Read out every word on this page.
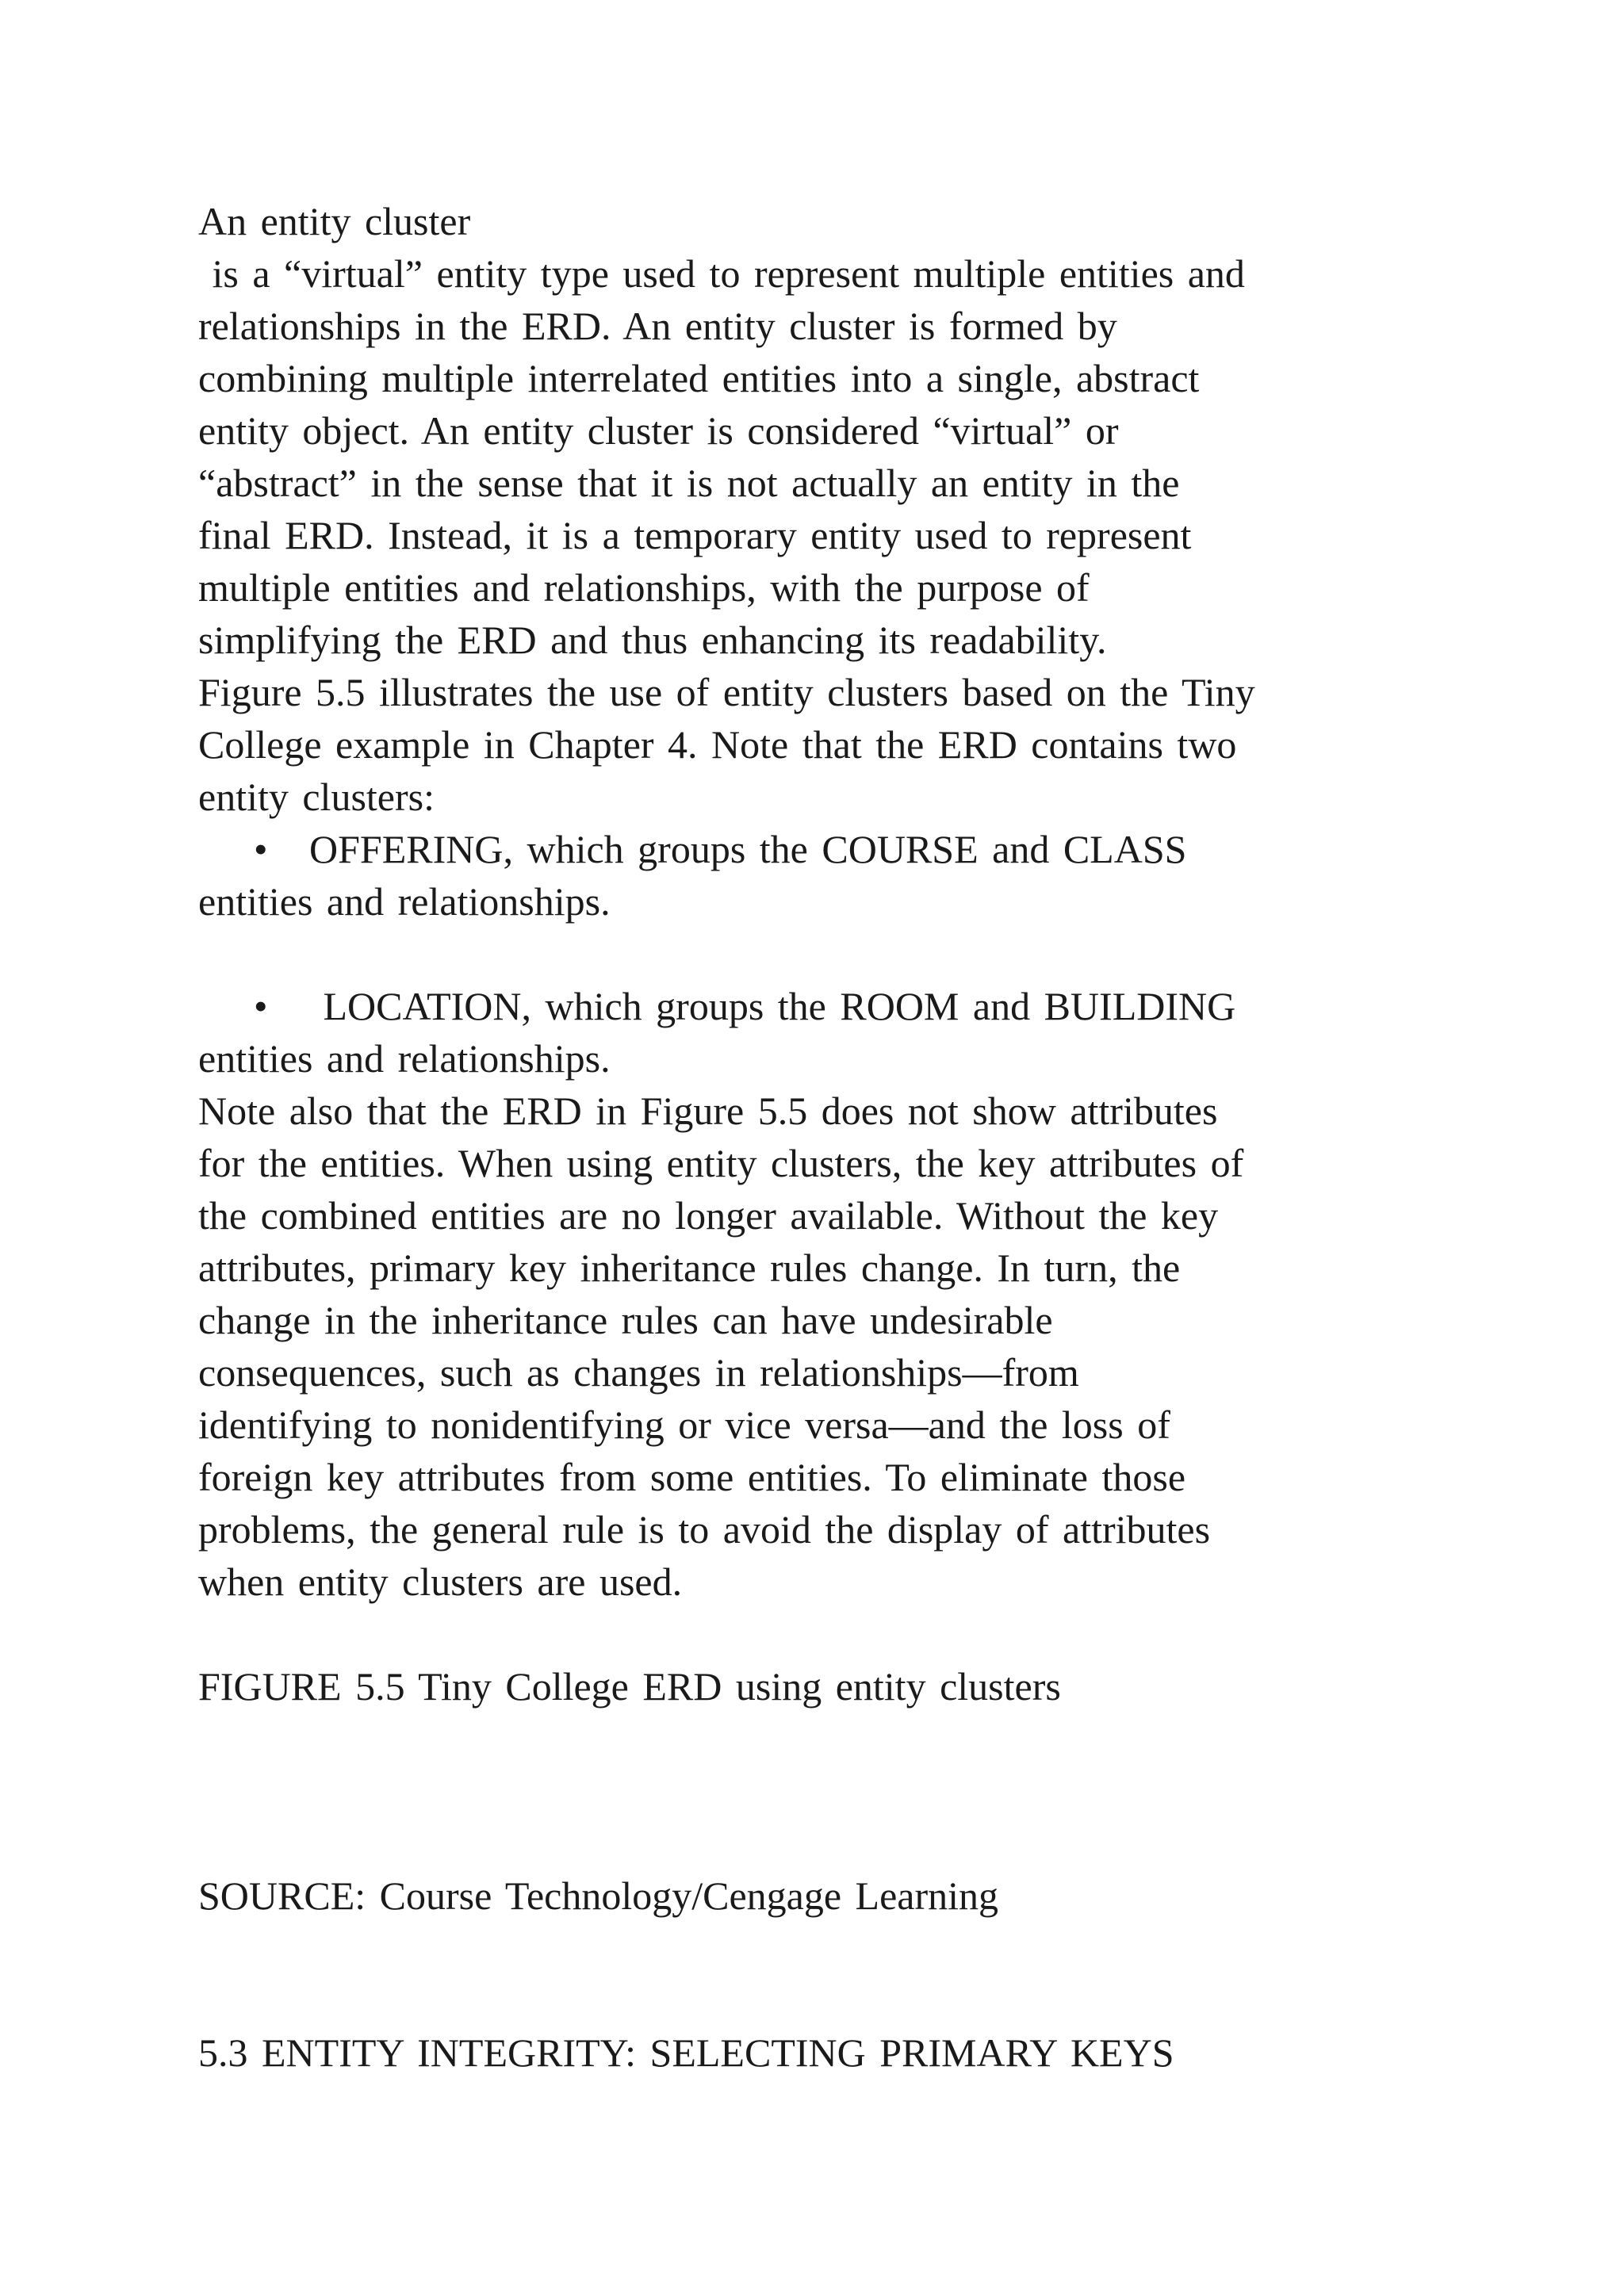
An entity cluster
is a “virtual” entity type used to represent multiple entities and
relationships in the ERD. An entity cluster is formed by
combining multiple interrelated entities into a single, abstract
entity object. An entity cluster is considered “virtual” or
“abstract” in the sense that it is not actually an entity in the
final ERD. Instead, it is a temporary entity used to represent
multiple entities and relationships, with the purpose of
simplifying the ERD and thus enhancing its readability.
Figure 5.5 illustrates the use of entity clusters based on the Tiny
College example in Chapter 4. Note that the ERD contains two
entity clusters:
•   OFFERING, which groups the COURSE and CLASS
entities and relationships.
•    LOCATION, which groups the ROOM and BUILDING
entities and relationships.
Note also that the ERD in Figure 5.5 does not show attributes
for the entities. When using entity clusters, the key attributes of
the combined entities are no longer available. Without the key
attributes, primary key inheritance rules change. In turn, the
change in the inheritance rules can have undesirable
consequences, such as changes in relationships—from
identifying to nonidentifying or vice versa—and the loss of
foreign key attributes from some entities. To eliminate those
problems, the general rule is to avoid the display of attributes
when entity clusters are used.
FIGURE 5.5 Tiny College ERD using entity clusters
SOURCE: Course Technology/Cengage Learning
5.3 ENTITY INTEGRITY: SELECTING PRIMARY KEYS
